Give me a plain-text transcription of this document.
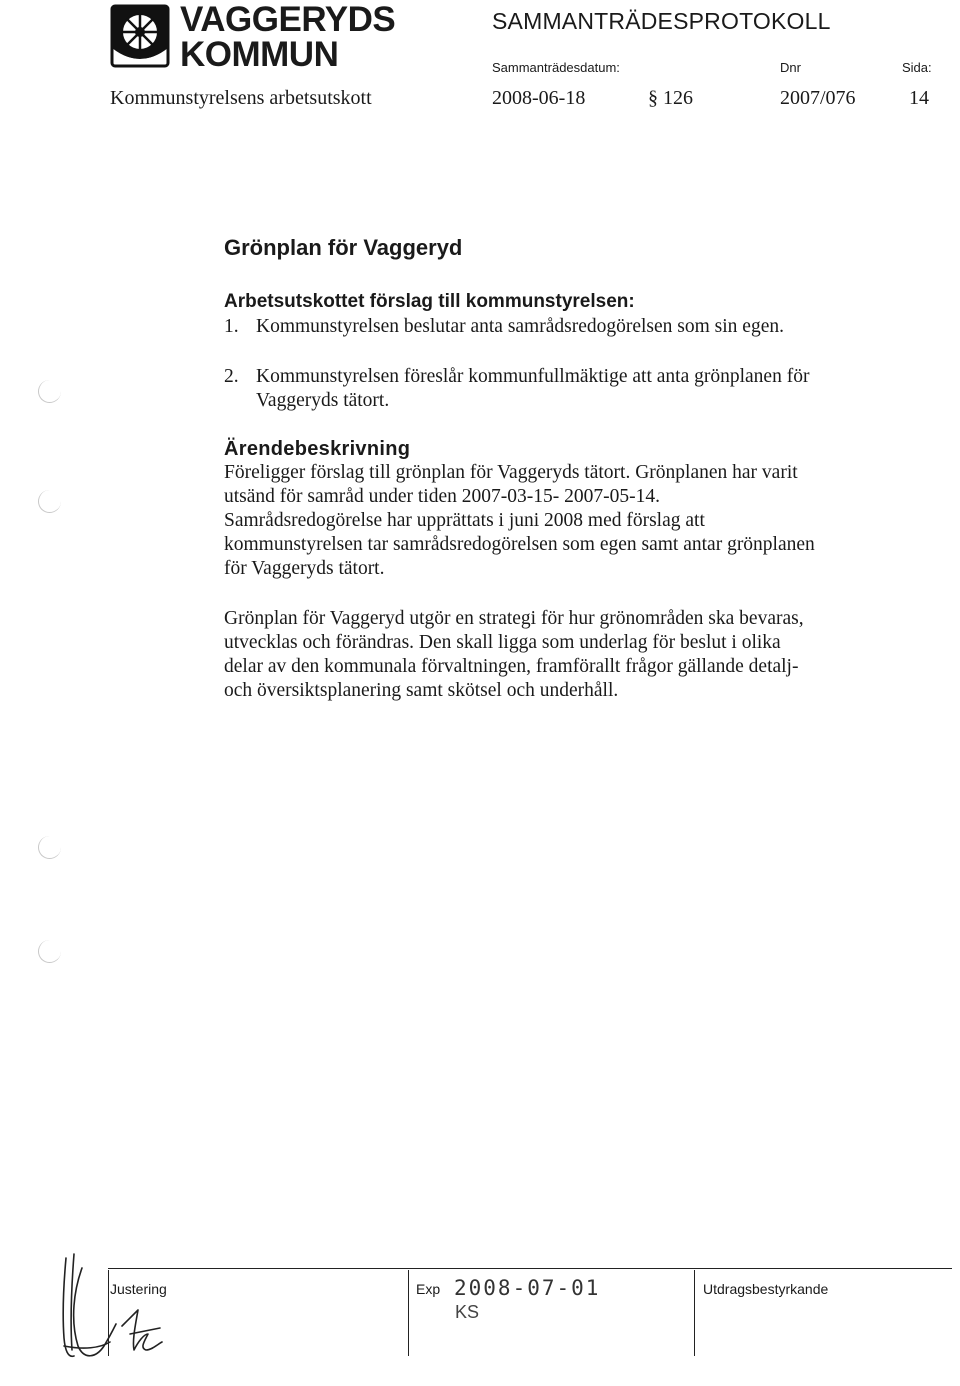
VAGGERYDS
KOMMUN
SAMMANTRÄDESPROTOKOLL
Sammanträdesdatum:	Dnr	Sida:
Kommunstyrelsens arbetsutskott	2008-06-18	§ 126	2007/076	14
Grönplan för Vaggeryd
Arbetsutskottet förslag till kommunstyrelsen:
1. Kommunstyrelsen beslutar anta samrådsredogörelsen som sin egen.
2. Kommunstyrelsen föreslår kommunfullmäktige att anta grönplanen för
Vaggeryds tätort.
Ärendebeskrivning
Föreligger förslag till grönplan för Vaggeryds tätort. Grönplanen har varit
utsänd för samråd under tiden 2007-03-15- 2007-05-14.
Samrådsredogörelse har upprättats i juni 2008 med förslag att
kommunstyrelsen tar samrådsredogörelsen som egen samt antar grönplanen
för Vaggeryds tätort.
Grönplan för Vaggeryd utgör en strategi för hur grönområden ska bevaras,
utvecklas och förändras. Den skall ligga som underlag för beslut i olika
delar av den kommunala förvaltningen, framförallt frågor gällande detalj-
och översiktsplanering samt skötsel och underhåll.
Justering	Exp 2008-07-01
KS
Utdragsbestyrkande
